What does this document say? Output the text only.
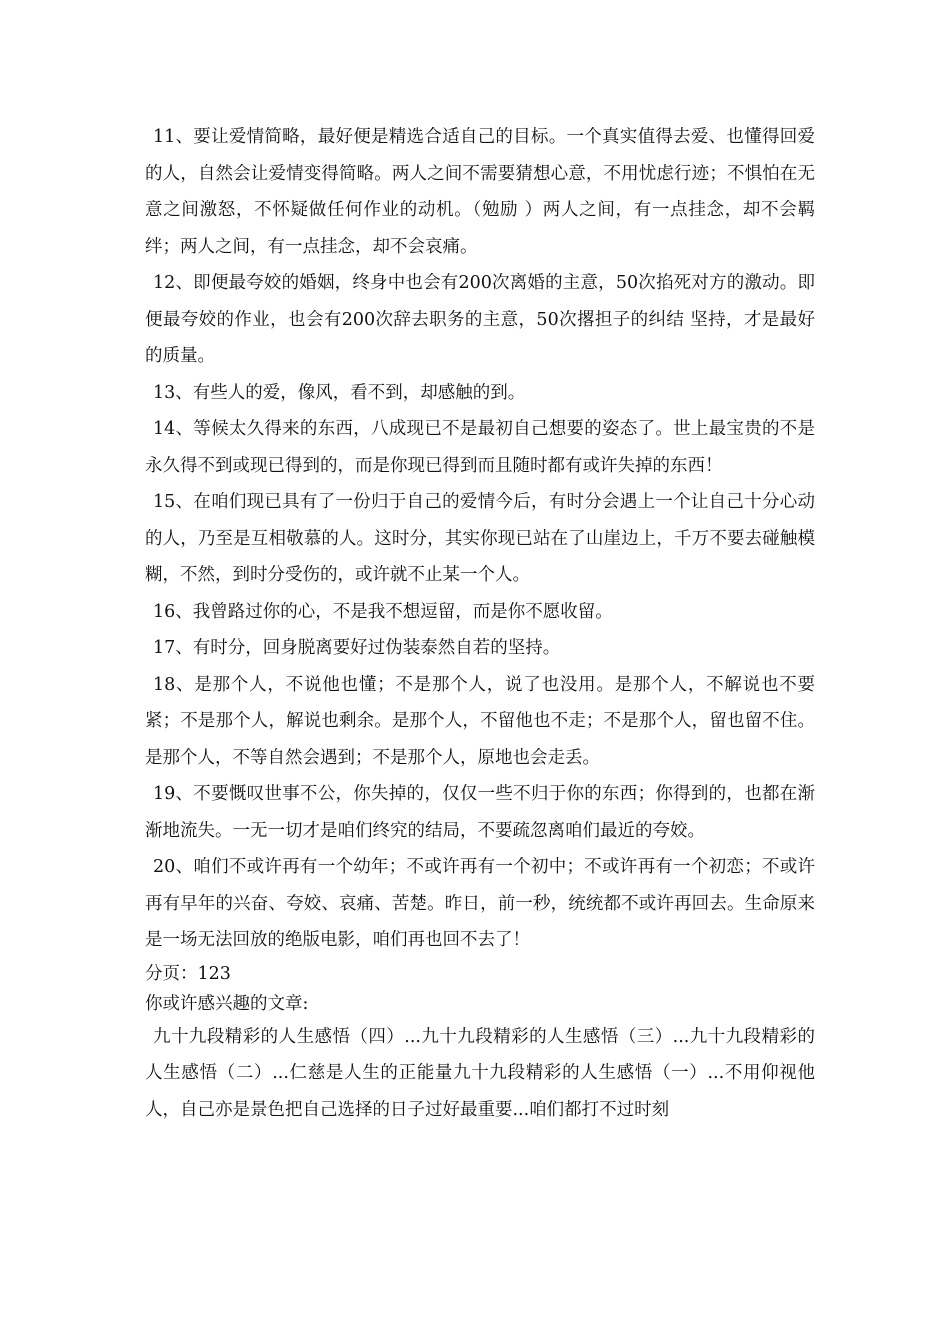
11、要让爱情简略，最好便是精选合适自己的目标。一个真实值得去爱、也懂得回爱的人，自然会让爱情变得简略。两人之间不需要猜想心意，不用忧虑行迹；不惧怕在无意之间激怒，不怀疑做任何作业的动机。（勉励 ）两人之间，有一点挂念，却不会羁绊；两人之间，有一点挂念，却不会哀痛。

12、即便最夸姣的婚姻，终身中也会有200次离婚的主意，50次掐死对方的激动。即便最夸姣的作业，也会有200次辞去职务的主意，50次撂担子的纠结 坚持，才是最好的质量。

13、有些人的爱，像风，看不到，却感触的到。

14、等候太久得来的东西，八成现已不是最初自己想要的姿态了。世上最宝贵的不是永久得不到或现已得到的，而是你现已得到而且随时都有或许失掉的东西！

15、在咱们现已具有了一份归于自己的爱情今后，有时分会遇上一个让自己十分心动的人，乃至是互相敬慕的人。这时分，其实你现已站在了山崖边上，千万不要去碰触模糊，不然，到时分受伤的，或许就不止某一个人。

16、我曾路过你的心，不是我不想逗留，而是你不愿收留。

17、有时分，回身脱离要好过伪装泰然自若的坚持。

18、是那个人，不说他也懂；不是那个人，说了也没用。是那个人，不解说也不要紧；不是那个人，解说也剩余。是那个人，不留他也不走；不是那个人，留也留不住。是那个人，不等自然会遇到；不是那个人，原地也会走丢。

19、不要慨叹世事不公，你失掉的，仅仅一些不归于你的东西；你得到的，也都在渐渐地流失。一无一切才是咱们终究的结局，不要疏忽离咱们最近的夸姣。

20、咱们不或许再有一个幼年；不或许再有一个初中；不或许再有一个初恋；不或许再有早年的兴奋、夸姣、哀痛、苦楚。昨日，前一秒，统统都不或许再回去。生命原来是一场无法回放的绝版电影，咱们再也回不去了！

分页：123

你或许感兴趣的文章:

九十九段精彩的人生感悟（四）...九十九段精彩的人生感悟（三）...九十九段精彩的人生感悟（二）...仁慈是人生的正能量九十九段精彩的人生感悟（一）...不用仰视他人，自己亦是景色把自己选择的日子过好最重要...咱们都打不过时刻
